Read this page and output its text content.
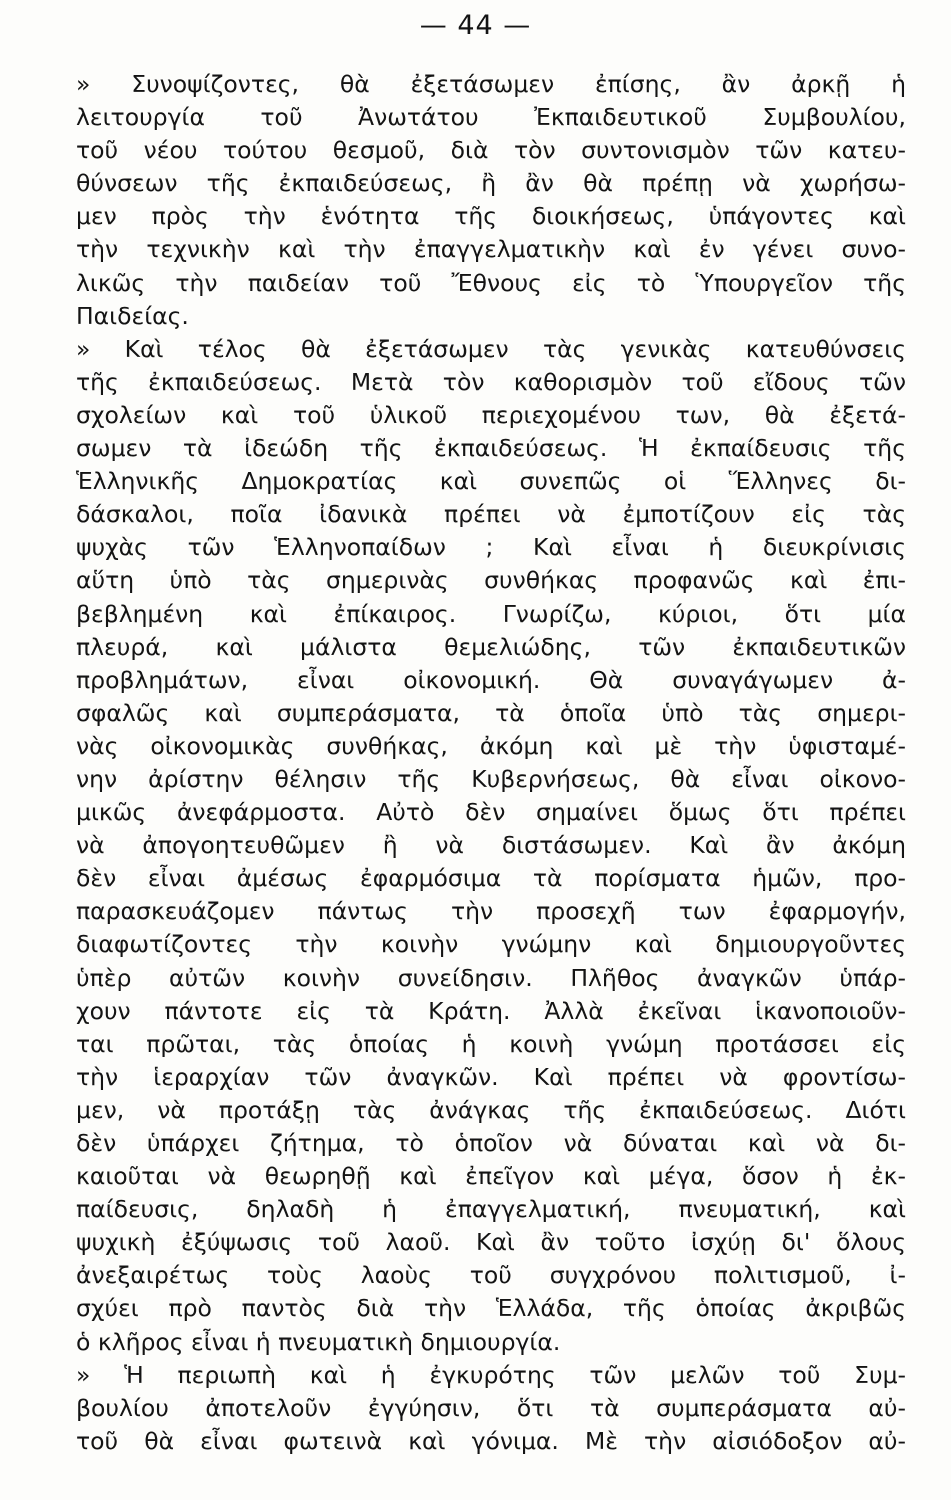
— 44 —
» Συνοψίζοντες, θὰ ἐξετάσωμεν ἐπίσης, ἂν ἀρκῇ ἡ
λειτουργία τοῦ Ἀνωτάτου Ἐκπαιδευτικοῦ Συμβουλίου,
τοῦ νέου τούτου θεσμοῦ, διὰ τὸν συντονισμὸν τῶν κατευ-
θύνσεων τῆς ἐκπαιδεύσεως, ἢ ἂν θὰ πρέπῃ νὰ χωρήσω-
μεν πρὸς τὴν ἑνότητα τῆς διοικήσεως, ὑπάγοντες καὶ
τὴν τεχνικὴν καὶ τὴν ἐπαγγελματικὴν καὶ ἐν γένει συνο-
λικῶς τὴν παιδείαν τοῦ Ἔθνους εἰς τὸ Ὑπουργεῖον τῆς
Παιδείας.
» Καὶ τέλος θὰ ἐξετάσωμεν τὰς γενικὰς κατευθύνσεις
τῆς ἐκπαιδεύσεως. Μετὰ τὸν καθορισμὸν τοῦ εἴδους τῶν
σχολείων καὶ τοῦ ὑλικοῦ περιεχομένου των, θὰ ἐξετά-
σωμεν τὰ ἰδεώδη τῆς ἐκπαιδεύσεως. Ἡ ἐκπαίδευσις τῆς
Ἑλληνικῆς Δημοκρατίας καὶ συνεπῶς οἱ Ἕλληνες δι-
δάσκαλοι, ποῖα ἰδανικὰ πρέπει νὰ ἐμποτίζουν εἰς τὰς
ψυχὰς τῶν Ἑλληνοπαίδων ; Καὶ εἶναι ἡ διευκρίνισις
αὕτη ὑπὸ τὰς σημερινὰς συνθήκας προφανῶς καὶ ἐπι-
βεβλημένη καὶ ἐπίκαιρος. Γνωρίζω, κύριοι, ὅτι μία
πλευρά, καὶ μάλιστα θεμελιώδης, τῶν ἐκπαιδευτικῶν
προβλημάτων, εἶναι οἰκονομική. Θὰ συναγάγωμεν ἀ-
σφαλῶς καὶ συμπεράσματα, τὰ ὁποῖα ὑπὸ τὰς σημερι-
νὰς οἰκονομικὰς συνθήκας, ἀκόμη καὶ μὲ τὴν ὑφισταμέ-
νην ἀρίστην θέλησιν τῆς Κυβερνήσεως, θὰ εἶναι οἰκονο-
μικῶς ἀνεφάρμοστα. Αὐτὸ δὲν σημαίνει ὅμως ὅτι πρέπει
νὰ ἀπογοητευθῶμεν ἢ νὰ διστάσωμεν. Καὶ ἂν ἀκόμη
δὲν εἶναι ἀμέσως ἐφαρμόσιμα τὰ πορίσματα ἡμῶν, προ-
παρασκευάζομεν πάντως τὴν προσεχῆ των ἐφαρμογήν,
διαφωτίζοντες τὴν κοινὴν γνώμην καὶ δημιουργοῦντες
ὑπὲρ αὐτῶν κοινὴν συνείδησιν. Πλῆθος ἀναγκῶν ὑπάρ-
χουν πάντοτε εἰς τὰ Κράτη. Ἀλλὰ ἐκεῖναι ἱκανοποιοῦν-
ται πρῶται, τὰς ὁποίας ἡ κοινὴ γνώμη προτάσσει εἰς
τὴν ἱεραρχίαν τῶν ἀναγκῶν. Καὶ πρέπει νὰ φροντίσω-
μεν, νὰ προτάξῃ τὰς ἀνάγκας τῆς ἐκπαιδεύσεως. Διότι
δὲν ὑπάρχει ζήτημα, τὸ ὁποῖον νὰ δύναται καὶ νὰ δι-
καιοῦται νὰ θεωρηθῇ καὶ ἐπεῖγον καὶ μέγα, ὅσον ἡ ἐκ-
παίδευσις, δηλαδὴ ἡ ἐπαγγελματική, πνευματική, καὶ
ψυχικὴ ἐξύψωσις τοῦ λαοῦ. Καὶ ἂν τοῦτο ἰσχύῃ δι' ὅλους
ἀνεξαιρέτως τοὺς λαοὺς τοῦ συγχρόνου πολιτισμοῦ, ἰ-
σχύει πρὸ παντὸς διὰ τὴν Ἑλλάδα, τῆς ὁποίας ἀκριβῶς
ὁ κλῆρος εἶναι ἡ πνευματικὴ δημιουργία.
» Ἡ περιωπὴ καὶ ἡ ἐγκυρότης τῶν μελῶν τοῦ Συμ-
βουλίου ἀποτελοῦν ἐγγύησιν, ὅτι τὰ συμπεράσματα αὐ-
τοῦ θὰ εἶναι φωτεινὰ καὶ γόνιμα. Μὲ τὴν αἰσιόδοξον αὐ-
